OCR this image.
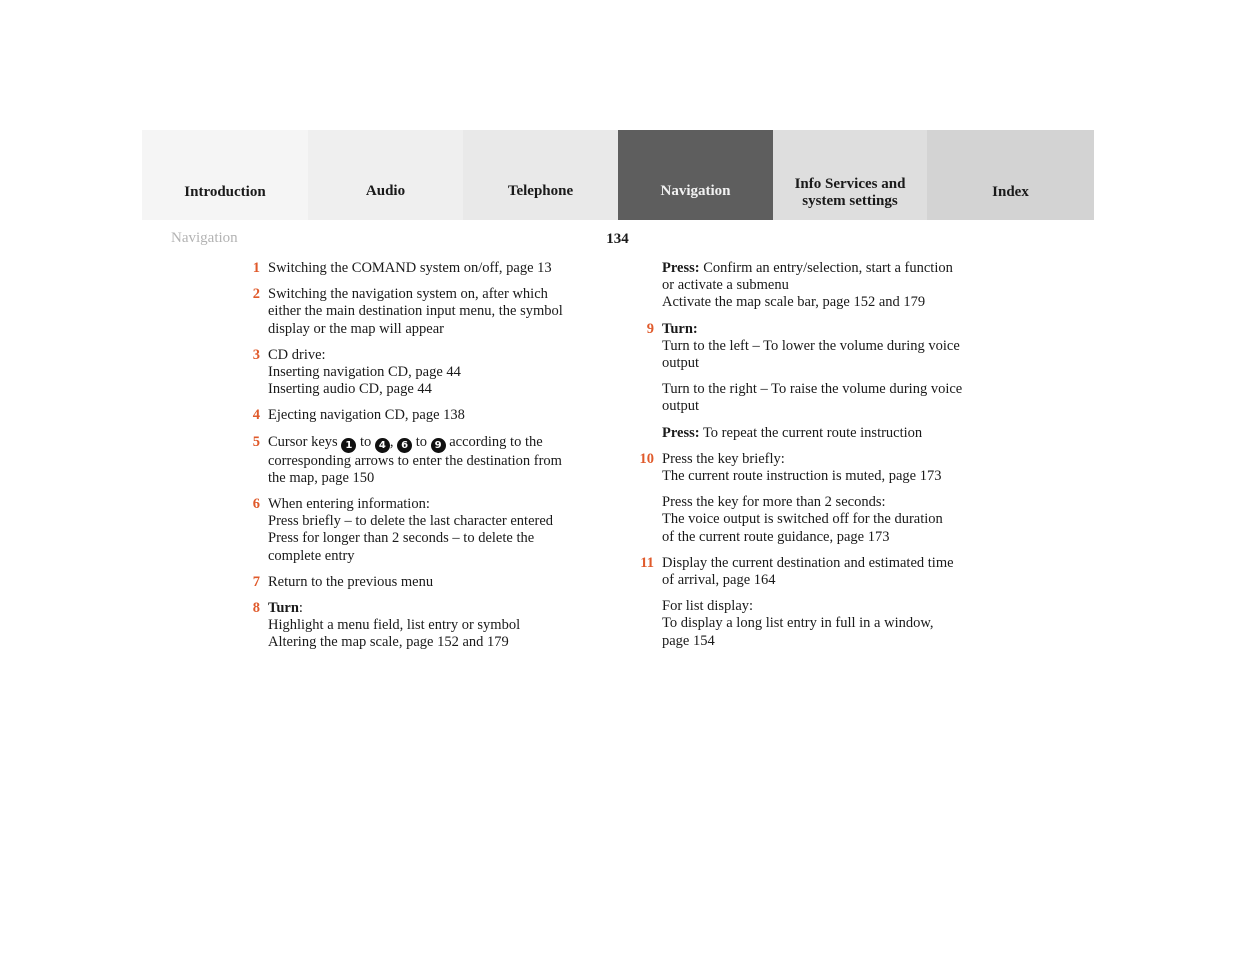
Introduction	Audio	Telephone	Navigation	Info Services and
system settings
Index
Navigation	134
1 Switching the COMAND system on/off, page 13
2 Switching the navigation system on, after which
either the main destination input menu, the symbol
display or the map will appear
3 CD drive:
Inserting navigation CD, page 44
Inserting audio CD, page 44
4 Ejecting navigation CD, page 138
5 Cursor keys 1 to 4 , 6 to 9 according to the
corresponding arrows to enter the destination from
the map, page 150
6 When entering information:
Press briefly – to delete the last character entered
Press for longer than 2 seconds – to delete the
complete entry
7 Return to the previous menu
8 Turn:
Highlight a menu field, list entry or symbol
Altering the map scale, page 152 and 179
Press: Confirm an entry/selection, start a function
or activate a submenu
Activate the map scale bar, page 152 and 179
9 Turn:
Turn to the left – To lower the volume during voice
output
Turn to the right – To raise the volume during voice
output
Press: To repeat the current route instruction
10 Press the key briefly:
The current route instruction is muted, page 173
Press the key for more than 2 seconds:
The voice output is switched off for the duration
of the current route guidance, page 173
11 Display the current destination and estimated time
of arrival, page 164
For list display:
To display a long list entry in full in a window,
page 154
